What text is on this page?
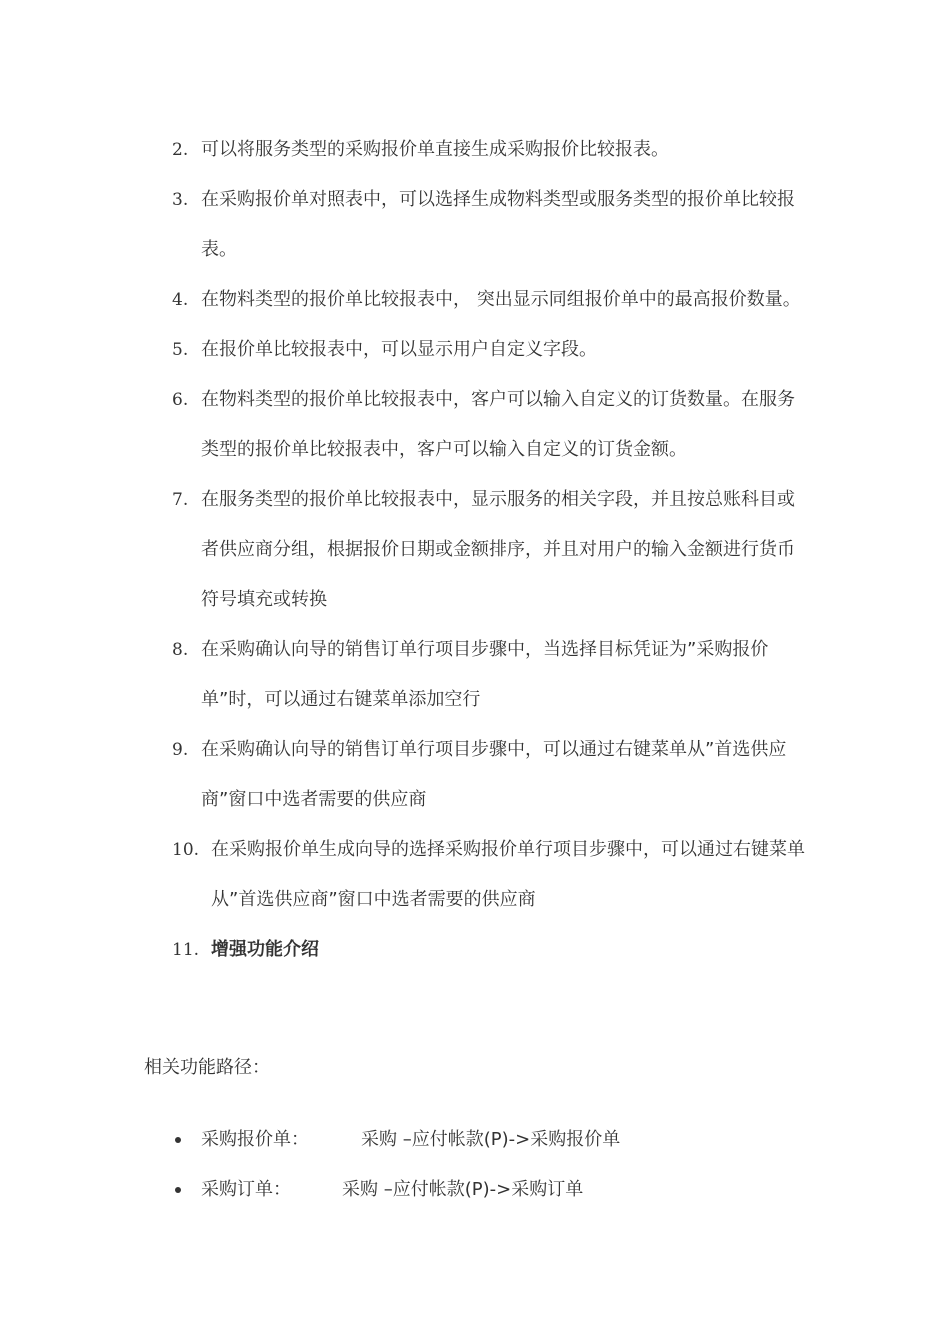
2. 可以将服务类型的采购报价单直接生成采购报价比较报表。
3. 在采购报价单对照表中，可以选择生成物料类型或服务类型的报价单比较报表。
4. 在物料类型的报价单比较报表中， 突出显示同组报价单中的最高报价数量。
5. 在报价单比较报表中，可以显示用户自定义字段。
6. 在物料类型的报价单比较报表中，客户可以输入自定义的订货数量。在服务类型的报价单比较报表中，客户可以输入自定义的订货金额。
7. 在服务类型的报价单比较报表中，显示服务的相关字段，并且按总账科目或者供应商分组，根据报价日期或金额排序，并且对用户的输入金额进行货币符号填充或转换
8. 在采购确认向导的销售订单行项目步骤中，当选择目标凭证为”采购报价单”时，可以通过右键菜单添加空行
9. 在采购确认向导的销售订单行项目步骤中，可以通过右键菜单从”首选供应商”窗口中选者需要的供应商
10. 在采购报价单生成向导的选择采购报价单行项目步骤中，可以通过右键菜单从”首选供应商”窗口中选者需要的供应商
11. 增强功能介绍
相关功能路径：
采购报价单：	采购 –应付帐款(P)->采购报价单
采购订单：	采购 –应付帐款(P)->采购订单
